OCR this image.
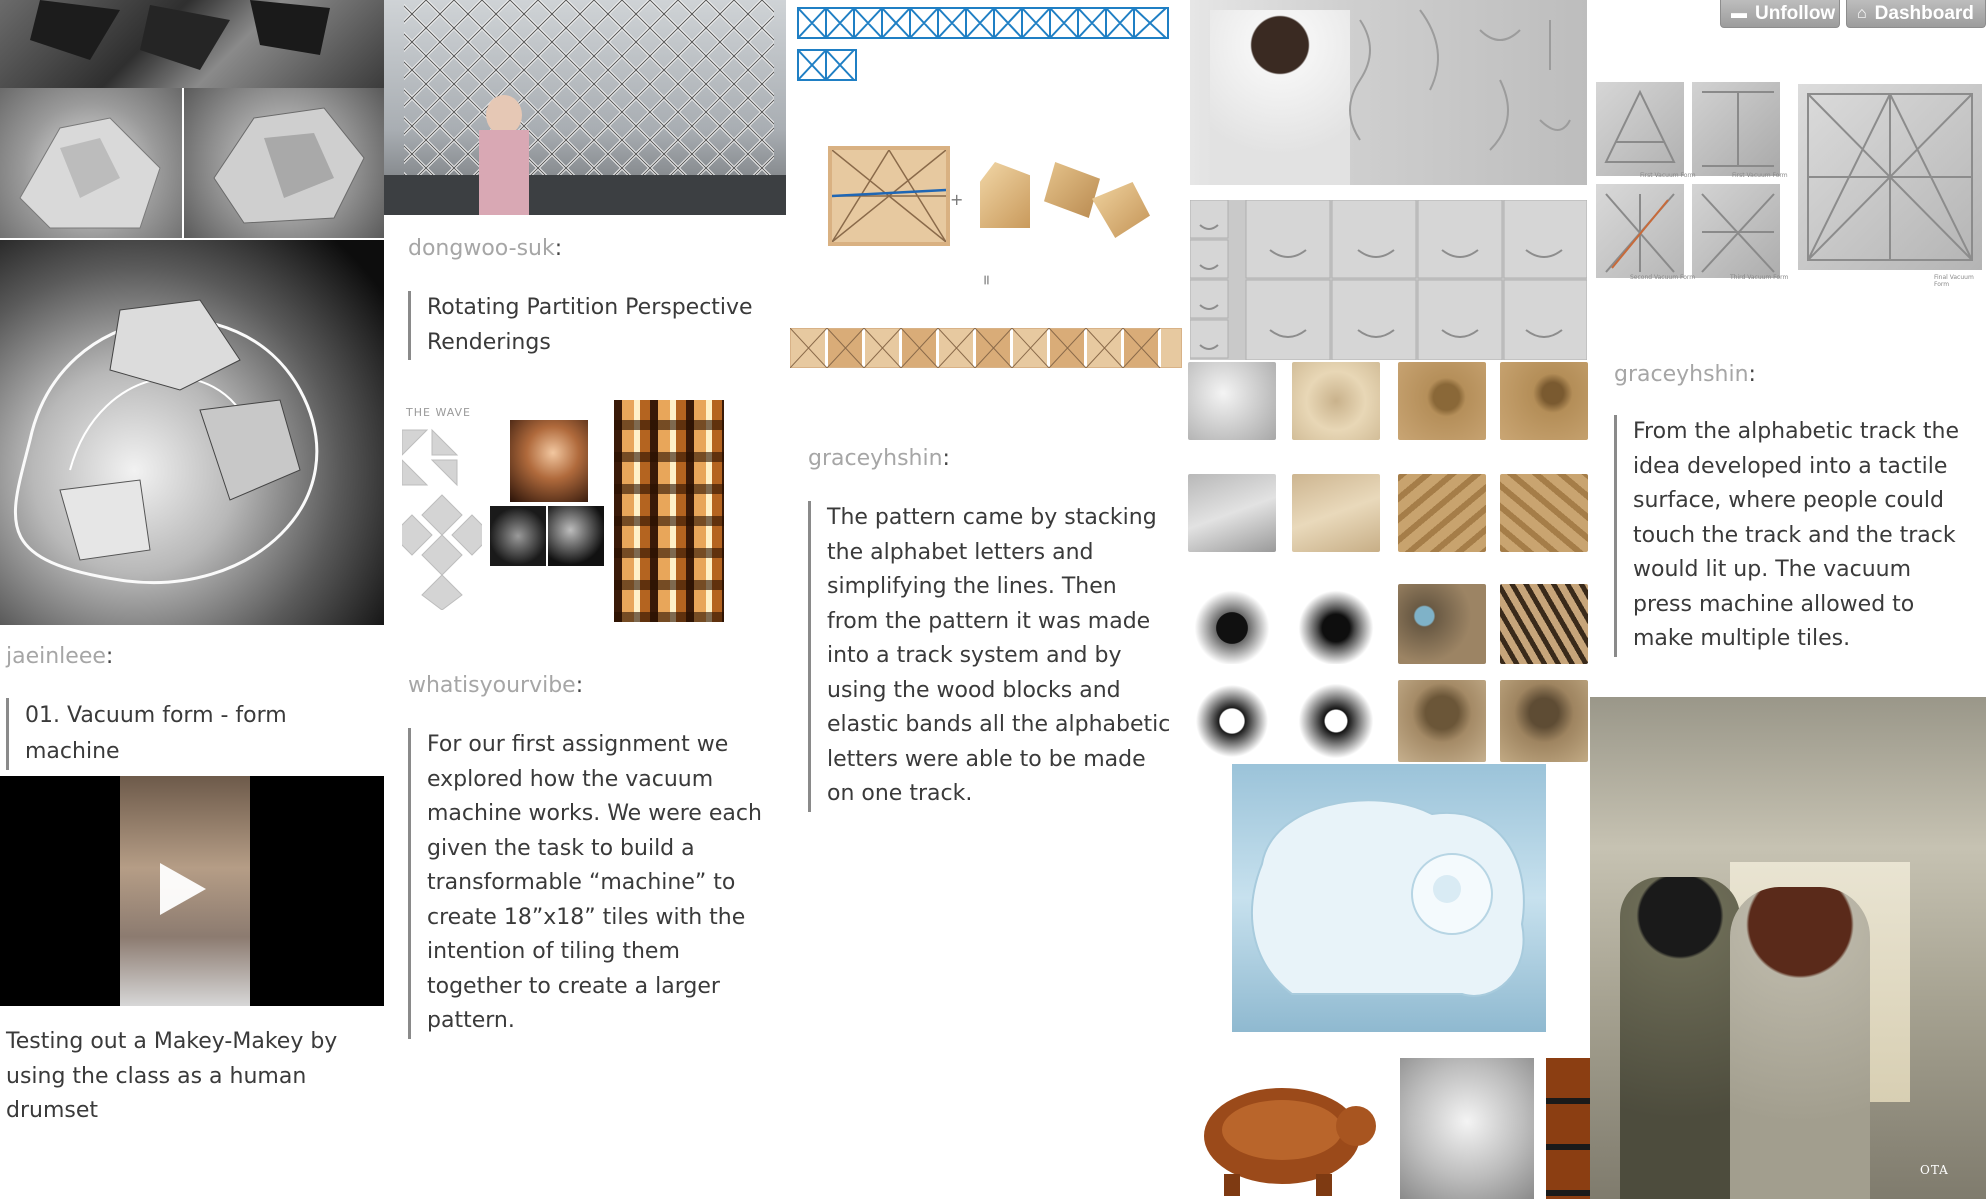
▬ Unfollow ⌂ Dashboard
jaeinleee:
01. Vacuum form - form machine
Testing out a Makey-Makey by using the class as a human drumset
dongwoo-suk:
Rotating Partition Perspective Renderings
THE WAVE
whatisyourvibe:
For our first assignment we explored how the vacuum machine works. We were each given the task to build a transformable “machine” to create 18”x18” tiles with the intention of tiling them together to create a larger pattern.
+
=
graceyhshin:
The pattern came by stacking the alphabet letters and simplifying the lines. Then from the pattern it was made into a track system and by using the wood blocks and elastic bands all the alphabetic letters were able to be made on one track.
First Vacuum Form	First Vacuum Form
Second Vacuum Form	Third Vacuum Form	Final Vacuum Form
graceyhshin:
From the alphabetic track the idea developed into a tactile surface, where people could touch the track and the track would lit up. The vacuum press machine allowed to make multiple tiles.
OTA
